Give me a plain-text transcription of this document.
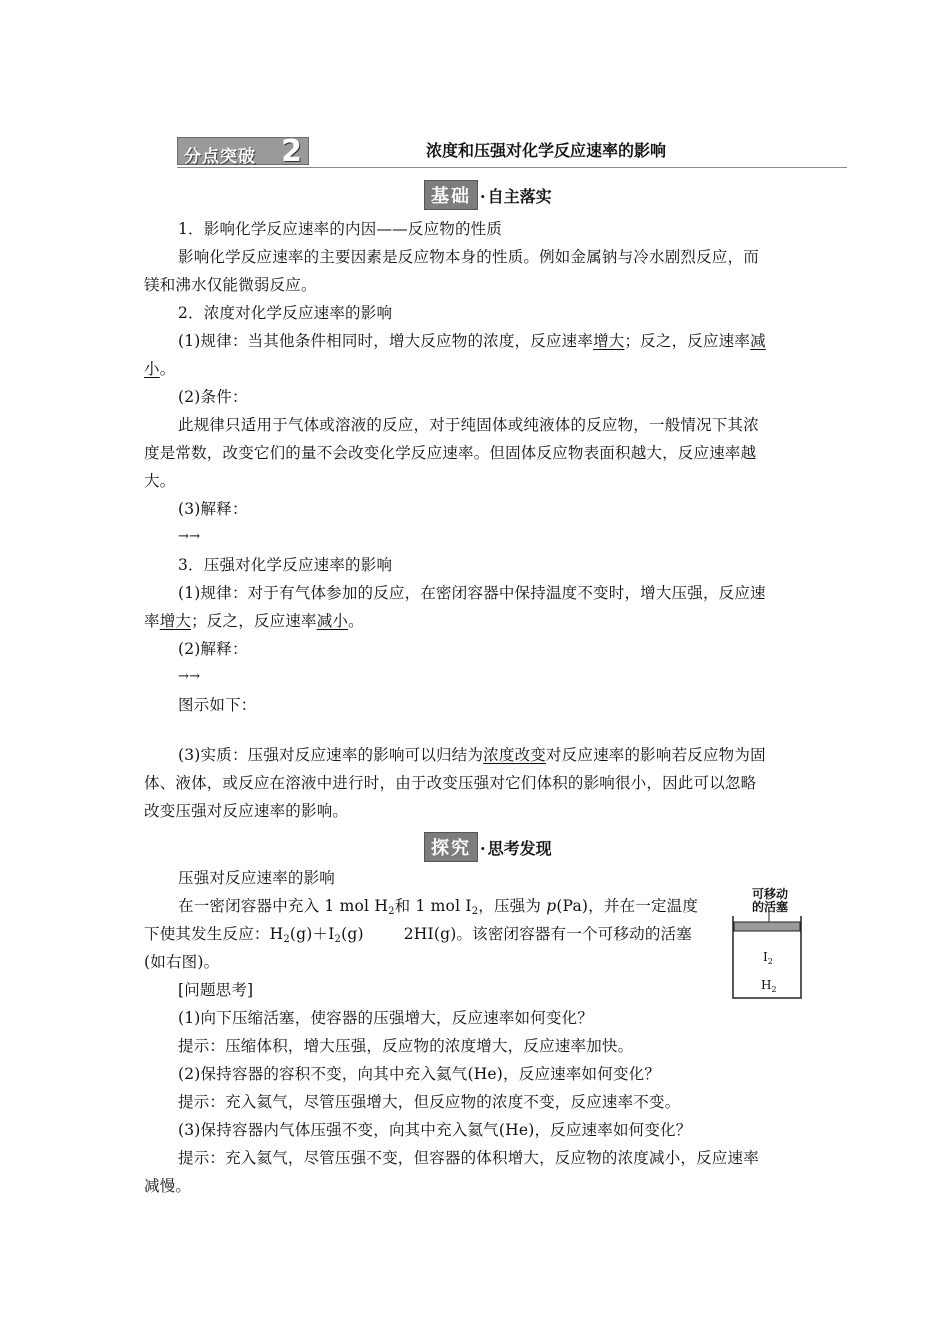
分点突破 2	浓度和压强对化学反应速率的影响
基础 · 自主落实
1．影响化学反应速率的内因——反应物的性质
影响化学反应速率的主要因素是反应物本身的性质。例如金属钠与冷水剧烈反应，而
镁和沸水仅能微弱反应。
2．浓度对化学反应速率的影响
(1)规律：当其他条件相同时，增大反应物的浓度，反应速率增大；反之，反应速率减
小。
(2)条件：
此规律只适用于气体或溶液的反应，对于纯固体或纯液体的反应物，一般情况下其浓
度是常数，改变它们的量不会改变化学反应速率。但固体反应物表面积越大，反应速率越
大。
(3)解释：
→→
3．压强对化学反应速率的影响
(1)规律：对于有气体参加的反应，在密闭容器中保持温度不变时，增大压强，反应速
率增大；反之，反应速率减小。
(2)解释：
→→
图示如下：
(3)实质：压强对反应速率的影响可以归结为浓度改变对反应速率的影响若反应物为固
体、液体，或反应在溶液中进行时，由于改变压强对它们体积的影响很小，因此可以忽略
改变压强对反应速率的影响。
探究 · 思考发现
压强对反应速率的影响
在一密闭容器中充入 1 mol $H_2$和 1 mol $I_2$，压强为 p(Pa)，并在一定温度
下使其发生反应：$H_2(g)+I_2(g)$	2HI(g)。该密闭容器有一个可移动的活塞
(如右图)。
[问题思考]
(1)向下压缩活塞，使容器的压强增大，反应速率如何变化？
提示：压缩体积，增大压强，反应物的浓度增大，反应速率加快。
(2)保持容器的容积不变，向其中充入氦气(He)，反应速率如何变化？
提示：充入氦气，尽管压强增大，但反应物的浓度不变，反应速率不变。
(3)保持容器内气体压强不变，向其中充入氦气(He)，反应速率如何变化？
提示：充入氦气，尽管压强不变，但容器的体积增大，反应物的浓度减小，反应速率
减慢。
可移动
的活塞
$I_2$
$H_2$
